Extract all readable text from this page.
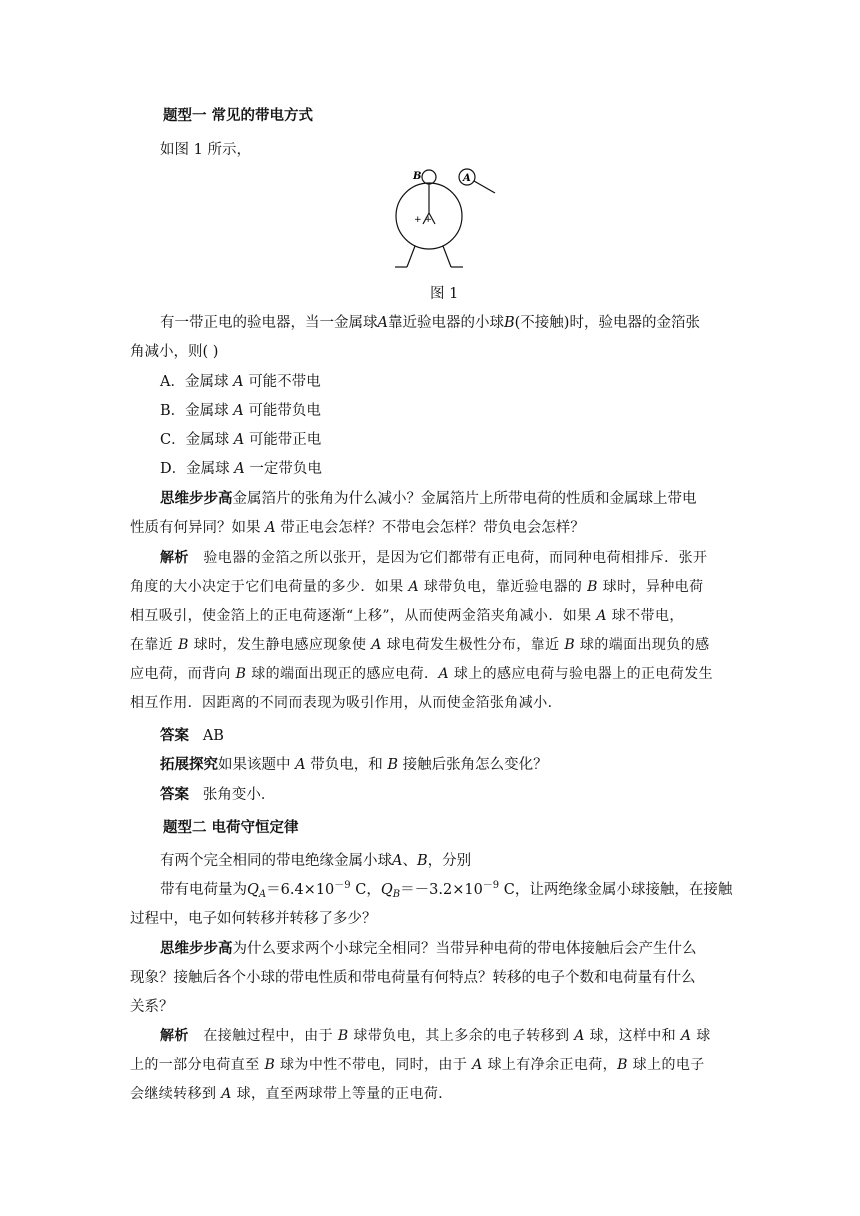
题型一 常见的带电方式
如图 1 所示，
B	A
+ +
图 1
有一带正电的验电器，当一金属球A靠近验电器的小球B(不接触)时，验电器的金箔张
角减小，则( )
A．金属球 A 可能不带电
B．金属球 A 可能带负电
C．金属球 A 可能带正电
D．金属球 A 一定带负电
思维步步高金属箔片的张角为什么减小？金属箔片上所带电荷的性质和金属球上带电
性质有何异同？如果 A 带正电会怎样？不带电会怎样？带负电会怎样？
解析 验电器的金箔之所以张开，是因为它们都带有正电荷，而同种电荷相排斥．张开
角度的大小决定于它们电荷量的多少．如果 A 球带负电，靠近验电器的 B 球时，异种电荷
相互吸引，使金箔上的正电荷逐渐“上移”，从而使两金箔夹角减小．如果 A 球不带电，
在靠近 B 球时，发生静电感应现象使 A 球电荷发生极性分布，靠近 B 球的端面出现负的感
应电荷，而背向 B 球的端面出现正的感应电荷．A 球上的感应电荷与验电器上的正电荷发生
相互作用．因距离的不同而表现为吸引作用，从而使金箔张角减小．
答案 AB
拓展探究如果该题中 A 带负电，和 B 接触后张角怎么变化？
答案 张角变小．
题型二 电荷守恒定律
有两个完全相同的带电绝缘金属小球A、B，分别
带有电荷量为$Q_A=6.4\times 10^{-9}$ C，$Q_B=-3.2\times 10^{-9}$ C，让两绝缘金属小球接触，在接触
过程中，电子如何转移并转移了多少？
思维步步高为什么要求两个小球完全相同？当带异种电荷的带电体接触后会产生什么
现象？接触后各个小球的带电性质和带电荷量有何特点？转移的电子个数和电荷量有什么
关系？
解析 在接触过程中，由于 B 球带负电，其上多余的电子转移到 A 球，这样中和 A 球
上的一部分电荷直至 B 球为中性不带电，同时，由于 A 球上有净余正电荷，B 球上的电子
会继续转移到 A 球，直至两球带上等量的正电荷．
